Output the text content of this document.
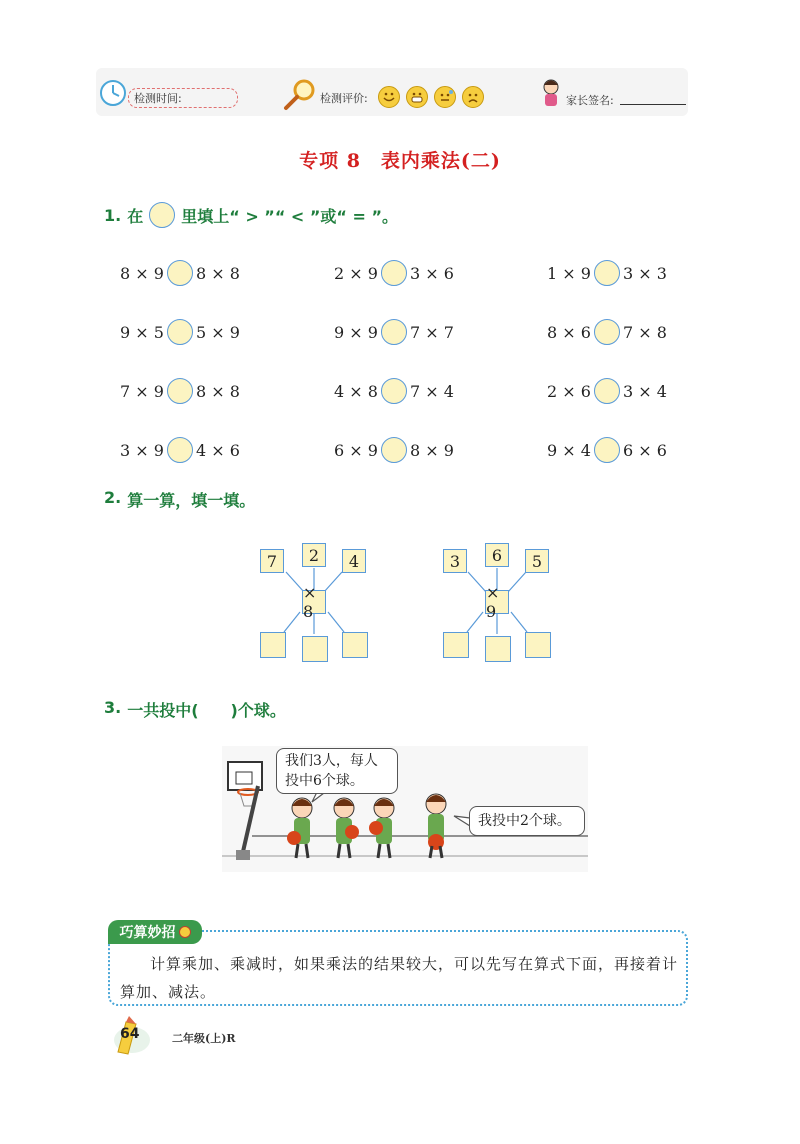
检测时间:	检测评价:	家长签名:
专项 8　表内乘法(二)
1. 在 里填上“ > ”“ < ”或“ = ”。
8 × 9 8 × 8	2 × 9 3 × 6	1 × 9 3 × 3
9 × 5 5 × 9	9 × 9 7 × 7	8 × 6 7 × 8
7 × 9 8 × 8	4 × 8 7 × 4	2 × 6 3 × 4
3 × 9 4 × 6	6 × 9 8 × 9	9 × 4 6 × 6
2. 算一算，填一填。
7	2	4
× 8
3	6	5
× 9
3. 一共投中(　　)个球。
我们3人，每人
投中6个球。
我投中2个球。
巧算妙招
计算乘加、乘减时，如果乘法的结果较大，可以先写在算式下面，再接着计算加、减法。
64	二年级(上)R
